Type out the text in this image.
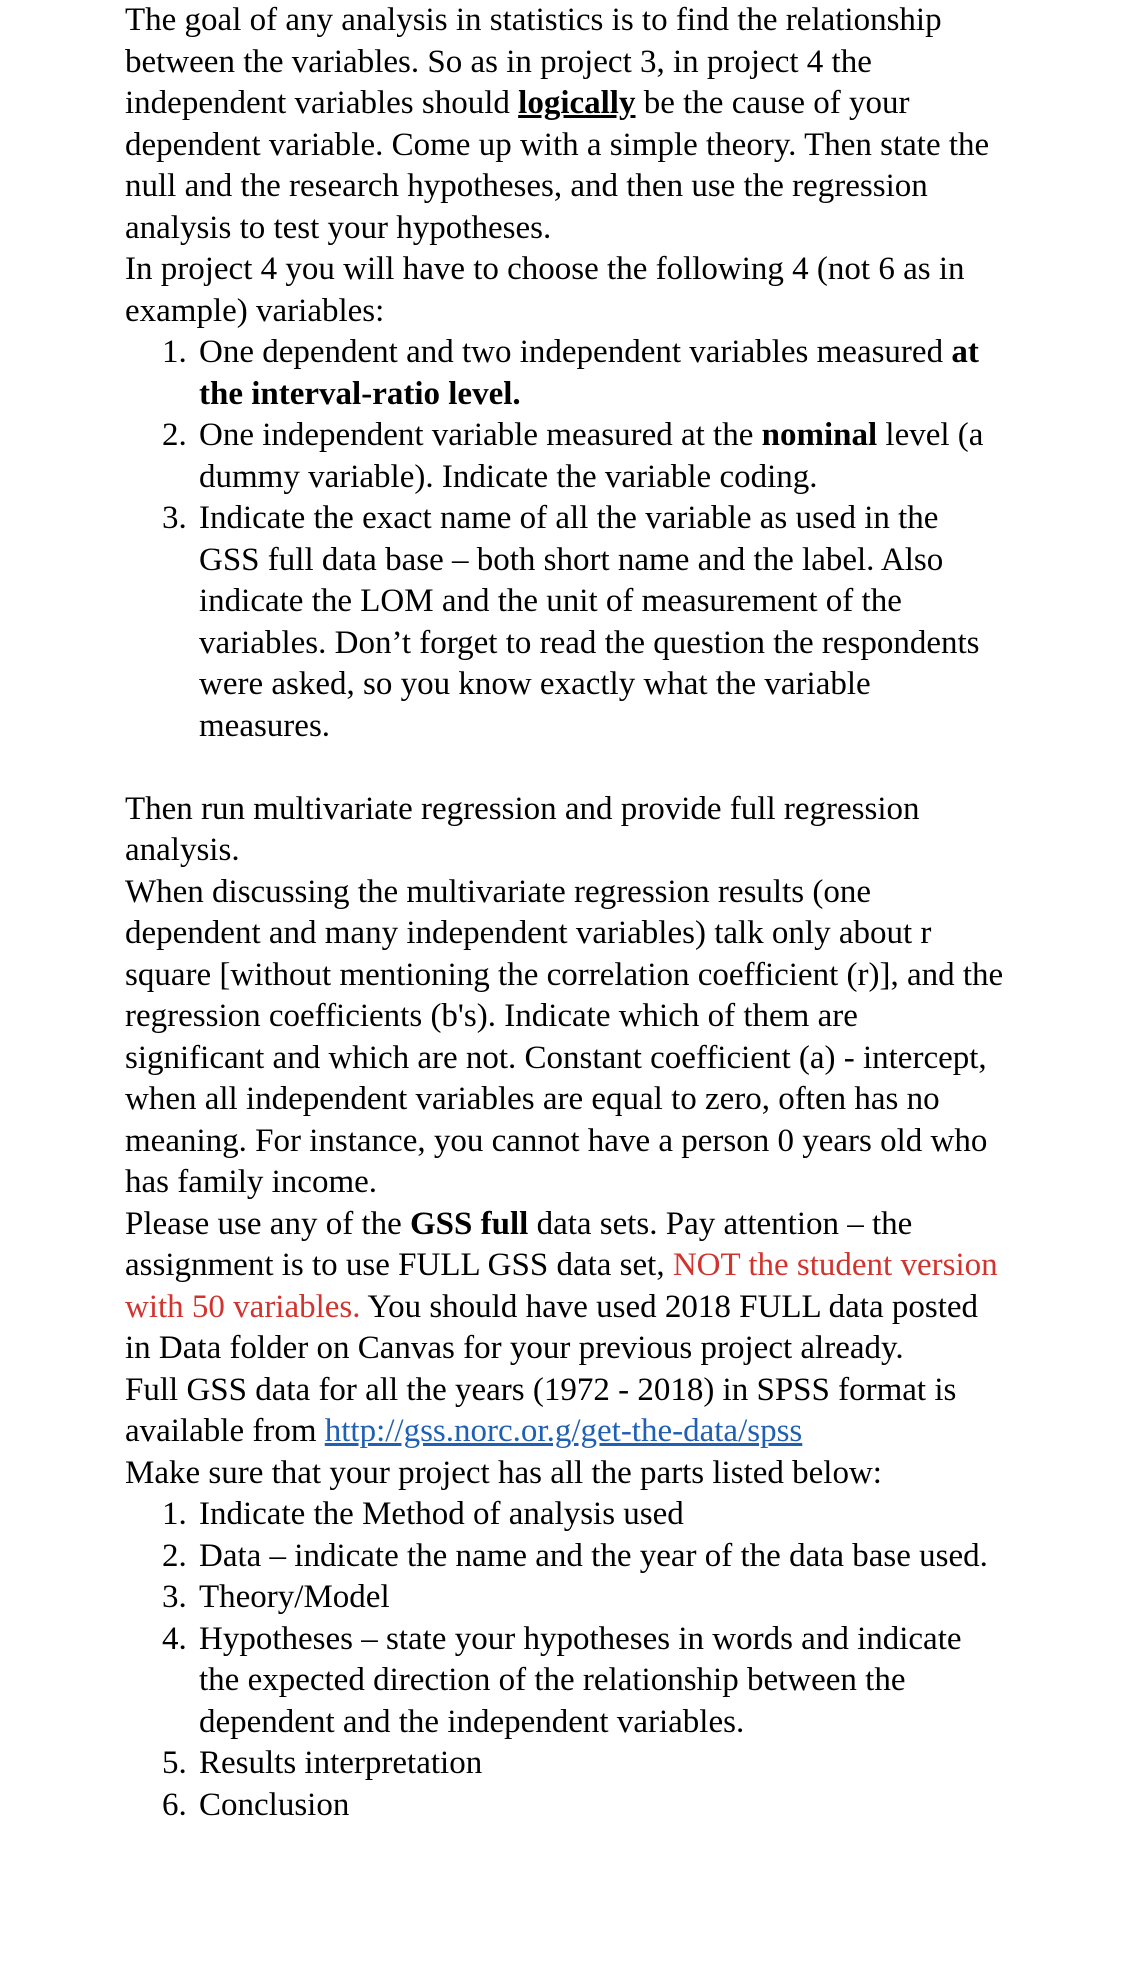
The goal of any analysis in statistics is to find the relationship between the variables. So as in project 3, in project 4 the independent variables should logically be the cause of your dependent variable. Come up with a simple theory. Then state the null and the research hypotheses, and then use the regression analysis to test your hypotheses.

In project 4 you will have to choose the following 4 (not 6 as in example) variables:

1. One dependent and two independent variables measured at the interval-ratio level.
2. One independent variable measured at the nominal level (a dummy variable). Indicate the variable coding.
3. Indicate the exact name of all the variable as used in the GSS full data base – both short name and the label. Also indicate the LOM and the unit of measurement of the variables. Don’t forget to read the question the respondents were asked, so you know exactly what the variable measures.

Then run multivariate regression and provide full regression analysis.

When discussing the multivariate regression results (one dependent and many independent variables) talk only about r square [without mentioning the correlation coefficient (r)], and the regression coefficients (b's). Indicate which of them are significant and which are not. Constant coefficient (a) - intercept, when all independent variables are equal to zero, often has no meaning. For instance, you cannot have a person 0 years old who has family income.

Please use any of the GSS full data sets. Pay attention – the assignment is to use FULL GSS data set, NOT the student version with 50 variables. You should have used 2018 FULL data posted in Data folder on Canvas for your previous project already.

Full GSS data for all the years (1972 - 2018) in SPSS format is available from http://gss.norc.or.g/get-the-data/spss

Make sure that your project has all the parts listed below:

1. Indicate the Method of analysis used
2. Data – indicate the name and the year of the data base used.
3. Theory/Model
4. Hypotheses – state your hypotheses in words and indicate the expected direction of the relationship between the dependent and the independent variables.
5. Results interpretation
6. Conclusion
